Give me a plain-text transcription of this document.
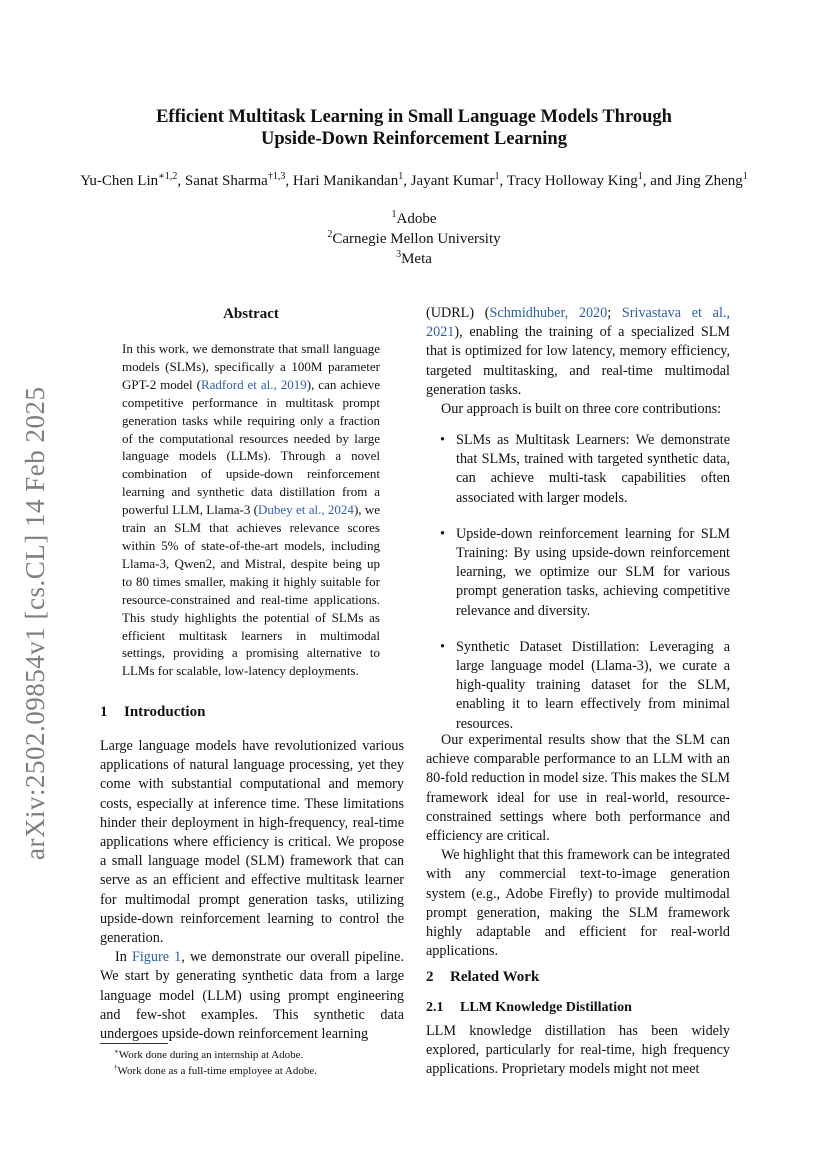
arXiv:2502.09854v1 [cs.CL] 14 Feb 2025
Efficient Multitask Learning in Small Language Models Through
Upside-Down Reinforcement Learning
Yu-Chen Lin$^{∗1,2}$, Sanat Sharma$^{\dagger 1,3}$, Hari Manikandan$^1$, Jayant Kumar$^1$, Tracy Holloway King$^1$, and Jing Zheng$^1$
$^1$Adobe
$^2$Carnegie Mellon University
$^3$Meta
Abstract
In this work, we demonstrate that small language models (SLMs), specifically a 100M parameter GPT-2 model (Radford et al., 2019), can achieve competitive performance in multitask prompt generation tasks while requiring only a fraction of the computational resources needed by large language models (LLMs). Through a novel combination of upside-down reinforcement learning and synthetic data distillation from a powerful LLM, Llama-3 (Dubey et al., 2024), we train an SLM that achieves relevance scores within 5% of state-of-the-art models, including Llama-3, Qwen2, and Mistral, despite being up to 80 times smaller, making it highly suitable for resource-constrained and real-time applications. This study highlights the potential of SLMs as efficient multitask learners in multimodal settings, providing a promising alternative to LLMs for scalable, low-latency deployments.
1 Introduction

Large language models have revolutionized various applications of natural language processing, yet they come with substantial computational and memory costs, especially at inference time. These limitations hinder their deployment in high-frequency, real-time applications where efficiency is critical. We propose a small language model (SLM) framework that can serve as an efficient and effective multitask learner for multimodal prompt generation tasks, utilizing upside-down reinforcement learning to control the generation.

In Figure 1, we demonstrate our overall pipeline. We start by generating synthetic data from a large language model (LLM) using prompt engineering and few-shot examples. This synthetic data undergoes upside-down reinforcement learning

(UDRL) (Schmidhuber, 2020; Srivastava et al., 2021), enabling the training of a specialized SLM that is optimized for low latency, memory efficiency, targeted multitasking, and real-time multimodal generation tasks.

Our approach is built on three core contributions:

• SLMs as Multitask Learners: We demonstrate that SLMs, trained with targeted synthetic data, can achieve multi-task capabilities often associated with larger models.
• Upside-down reinforcement learning for SLM Training: By using upside-down reinforcement learning, we optimize our SLM for various prompt generation tasks, achieving competitive relevance and diversity.
• Synthetic Dataset Distillation: Leveraging a large language model (Llama-3), we curate a high-quality training dataset for the SLM, enabling it to learn effectively from minimal resources.

Our experimental results show that the SLM can achieve comparable performance to an LLM with an 80-fold reduction in model size. This makes the SLM framework ideal for use in real-world, resource-constrained settings where both performance and efficiency are critical.

We highlight that this framework can be integrated with any commercial text-to-image generation system (e.g., Adobe Firefly) to provide multimodal prompt generation, making the SLM framework highly adaptable and efficient for real-world applications.

2 Related Work
2.1 LLM Knowledge Distillation

LLM knowledge distillation has been widely explored, particularly for real-time, high frequency applications. Proprietary models might not meet

∗Work done during an internship at Adobe.
†Work done as a full-time employee at Adobe.
